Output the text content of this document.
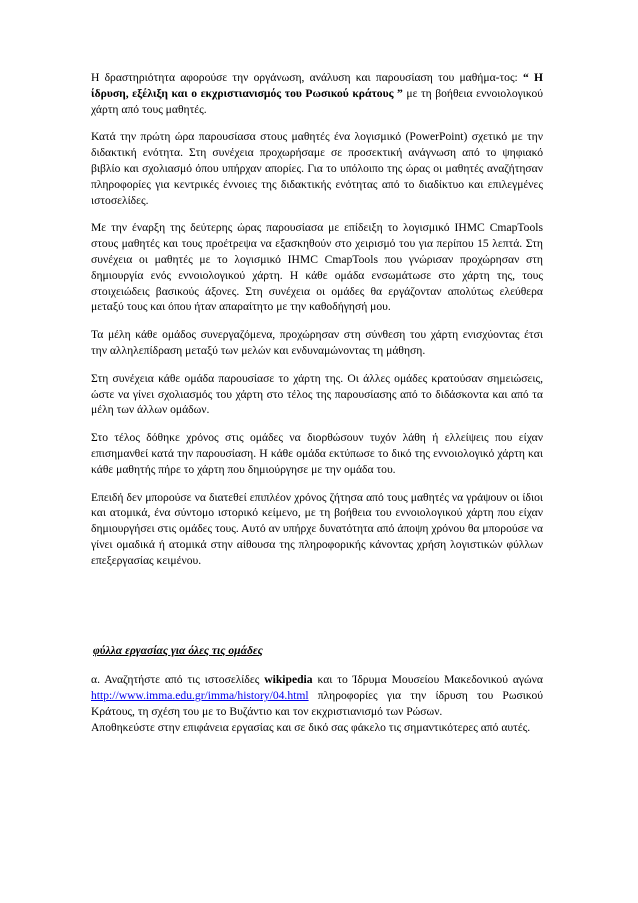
Η δραστηριότητα αφορούσε την οργάνωση, ανάλυση και παρουσίαση του μαθήμα-τος: “ Η ίδρυση, εξέλιξη και ο εκχριστιανισμός του Ρωσικού κράτους ” με τη βοήθεια εννοιολογικού χάρτη από τους μαθητές.

Κατά την πρώτη ώρα παρουσίασα στους μαθητές ένα λογισμικό (PowerPoint) σχετικό με την διδακτική ενότητα. Στη συνέχεια προχωρήσαμε σε προσεκτική ανάγνωση από το ψηφιακό βιβλίο και σχολιασμό όπου υπήρχαν απορίες. Για το υπόλοιπο της ώρας οι μαθητές αναζήτησαν πληροφορίες για κεντρικές έννοιες της διδακτικής ενότητας από το διαδίκτυο και επιλεγμένες ιστοσελίδες.

Με την έναρξη της δεύτερης ώρας παρουσίασα με επίδειξη το λογισμικό IHMC CmapTools στους μαθητές και τους προέτρεψα να εξασκηθούν στο χειρισμό του για περίπου 15 λεπτά. Στη συνέχεια οι μαθητές με το λογισμικό IHMC CmapTools που γνώρισαν προχώρησαν στη δημιουργία ενός εννοιολογικού χάρτη. Η κάθε ομάδα ενσωμάτωσε στο χάρτη της, τους στοιχειώδεις βασικούς άξονες. Στη συνέχεια οι ομάδες θα εργάζονταν απολύτως ελεύθερα μεταξύ τους και όπου ήταν απαραίτητο με την καθοδήγησή μου.

Τα μέλη κάθε ομάδος συνεργαζόμενα, προχώρησαν στη σύνθεση του χάρτη ενισχύοντας έτσι την αλληλεπίδραση μεταξύ των μελών και ενδυναμώνοντας τη μάθηση.

Στη συνέχεια κάθε ομάδα παρουσίασε το χάρτη της. Οι άλλες ομάδες κρατούσαν σημειώσεις, ώστε να γίνει σχολιασμός του χάρτη στο τέλος της παρουσίασης από το διδάσκοντα και από τα μέλη των άλλων ομάδων.

Στο τέλος δόθηκε χρόνος στις ομάδες να διορθώσουν τυχόν λάθη ή ελλείψεις που είχαν επισημανθεί κατά την παρουσίαση. Η κάθε ομάδα εκτύπωσε το δικό της εννοιολογικό χάρτη και κάθε μαθητής πήρε το χάρτη που δημιούργησε με την ομάδα του.

Επειδή δεν μπορούσε να διατεθεί επιπλέον χρόνος ζήτησα από τους μαθητές να γράψουν οι ίδιοι και ατομικά, ένα σύντομο ιστορικό κείμενο, με τη βοήθεια του εννοιολογικού χάρτη που είχαν δημιουργήσει στις ομάδες τους. Αυτό αν υπήρχε δυνατότητα από άποψη χρόνου θα μπορούσε να γίνει ομαδικά ή ατομικά στην αίθουσα της πληροφορικής κάνοντας χρήση λογιστικών φύλλων επεξεργασίας κειμένου.

φύλλα εργασίας για όλες τις ομάδες

α. Αναζητήστε από τις ιστοσελίδες wikipedia και το Ίδρυμα Μουσείου Μακεδονικού αγώνα http://www.imma.edu.gr/imma/history/04.html πληροφορίες για την ίδρυση του Ρωσικού Κράτους, τη σχέση του με το Βυζάντιο και τον εκχριστιανισμό των Ρώσων.

Αποθηκεύστε στην επιφάνεια εργασίας και σε δικό σας φάκελο τις σημαντικότερες από αυτές.
